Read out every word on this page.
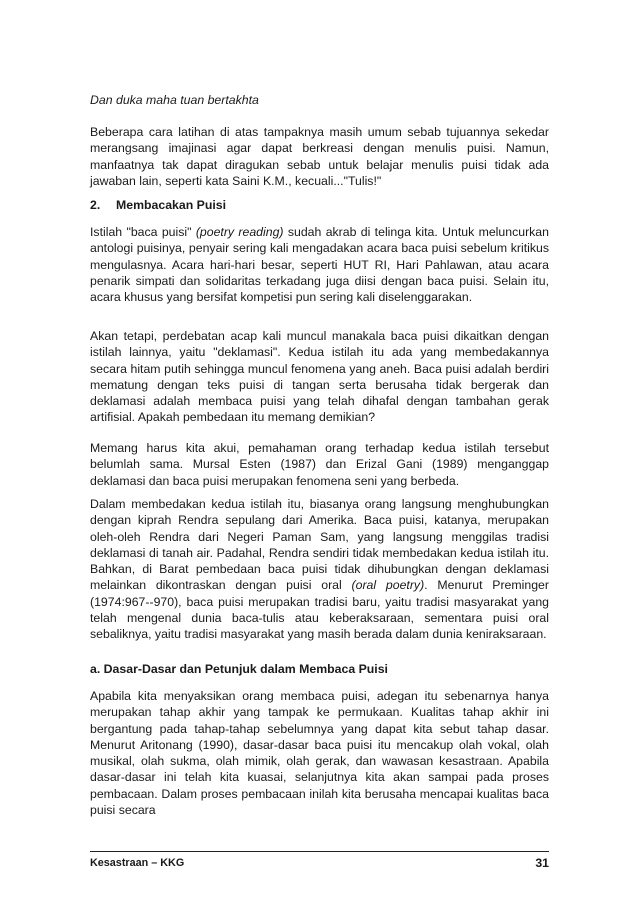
Dan duka maha tuan bertakhta

Beberapa cara latihan di atas tampaknya masih umum sebab tujuannya sekedar merangsang imajinasi agar dapat berkreasi dengan menulis puisi. Namun, manfaatnya tak dapat diragukan sebab untuk belajar menulis puisi tidak ada jawaban lain, seperti kata Saini K.M., kecuali..."Tulis!"

2. Membacakan Puisi

Istilah "baca puisi" (poetry reading) sudah akrab di telinga kita. Untuk meluncurkan antologi puisinya, penyair sering kali mengadakan acara baca puisi sebelum kritikus mengulasnya. Acara hari-hari besar, seperti HUT RI, Hari Pahlawan, atau acara penarik simpati dan solidaritas terkadang juga diisi dengan baca puisi. Selain itu, acara khusus yang bersifat kompetisi pun sering kali diselenggarakan.

Akan tetapi, perdebatan acap kali muncul manakala baca puisi dikaitkan dengan istilah lainnya, yaitu "deklamasi". Kedua istilah itu ada yang membedakannya secara hitam putih sehingga muncul fenomena yang aneh. Baca puisi adalah berdiri mematung dengan teks puisi di tangan serta berusaha tidak bergerak dan deklamasi adalah membaca puisi yang telah dihafal dengan tambahan gerak artifisial. Apakah pembedaan itu memang demikian?

Memang harus kita akui, pemahaman orang terhadap kedua istilah tersebut belumlah sama. Mursal Esten (1987) dan Erizal Gani (1989) menganggap deklamasi dan baca puisi merupakan fenomena seni yang berbeda.

Dalam membedakan kedua istilah itu, biasanya orang langsung menghubungkan dengan kiprah Rendra sepulang dari Amerika. Baca puisi, katanya, merupakan oleh-oleh Rendra dari Negeri Paman Sam, yang langsung menggilas tradisi deklamasi di tanah air. Padahal, Rendra sendiri tidak membedakan kedua istilah itu. Bahkan, di Barat pembedaan baca puisi tidak dihubungkan dengan deklamasi melainkan dikontraskan dengan puisi oral (oral poetry). Menurut Preminger (1974:967--970), baca puisi merupakan tradisi baru, yaitu tradisi masyarakat yang telah mengenal dunia baca-tulis atau keberaksaraan, sementara puisi oral sebaliknya, yaitu tradisi masyarakat yang masih berada dalam dunia keniraksaraan.

a. Dasar-Dasar dan Petunjuk dalam Membaca Puisi

Apabila kita menyaksikan orang membaca puisi, adegan itu sebenarnya hanya merupakan tahap akhir yang tampak ke permukaan. Kualitas tahap akhir ini bergantung pada tahap-tahap sebelumnya yang dapat kita sebut tahap dasar. Menurut Aritonang (1990), dasar-dasar baca puisi itu mencakup olah vokal, olah musikal, olah sukma, olah mimik, olah gerak, dan wawasan kesastraan. Apabila dasar-dasar ini telah kita kuasai, selanjutnya kita akan sampai pada proses pembacaan. Dalam proses pembacaan inilah kita berusaha mencapai kualitas baca puisi secara

Kesastraan – KKG	31
